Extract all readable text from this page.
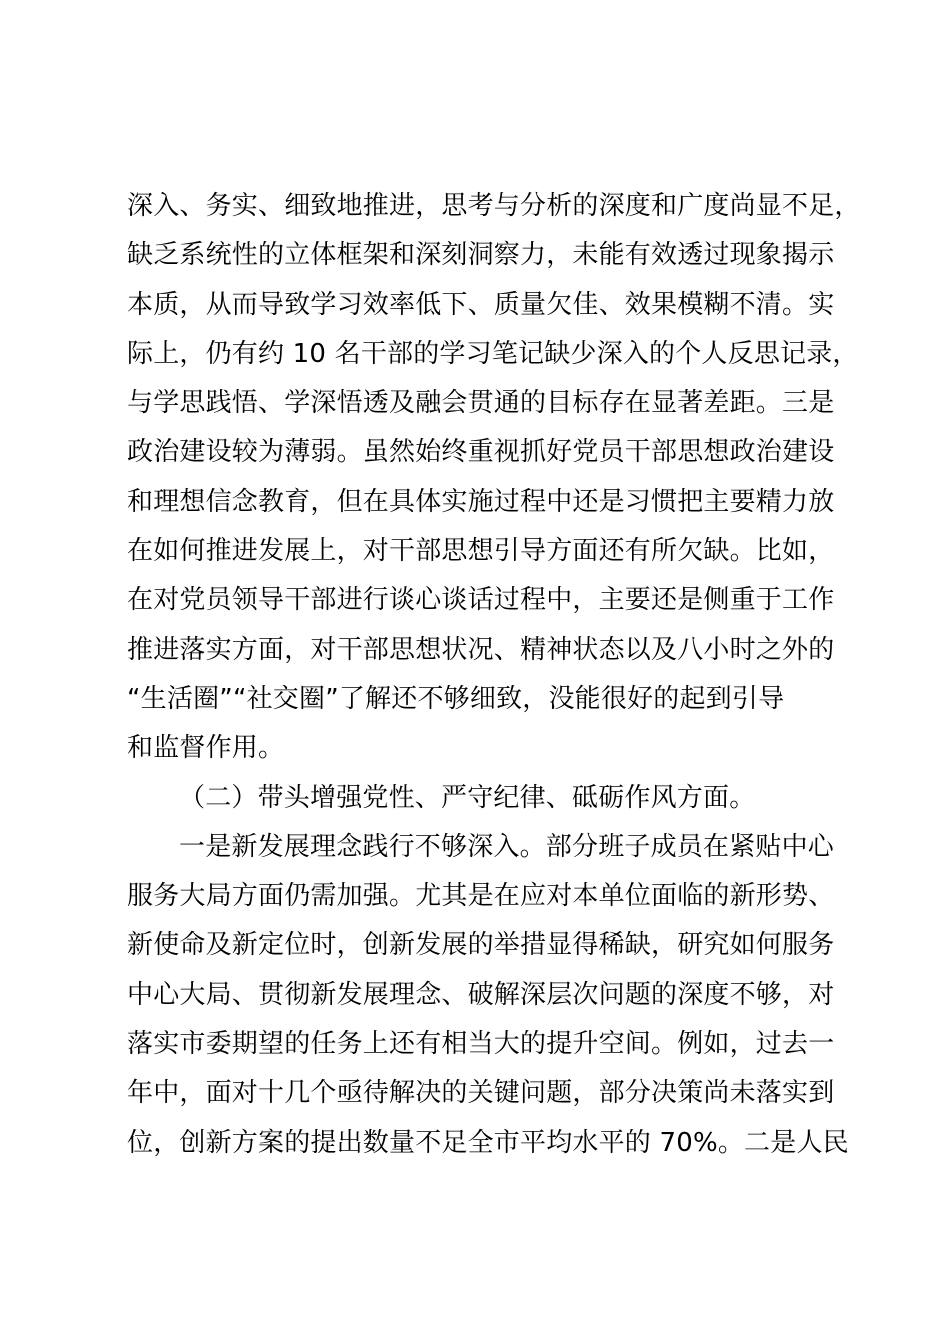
深入、务实、细致地推进，思考与分析的深度和广度尚显不足，
缺乏系统性的立体框架和深刻洞察力，未能有效透过现象揭示
本质，从而导致学习效率低下、质量欠佳、效果模糊不清。实
际上，仍有约 10 名干部的学习笔记缺少深入的个人反思记录，
与学思践悟、学深悟透及融会贯通的目标存在显著差距。三是
政治建设较为薄弱。虽然始终重视抓好党员干部思想政治建设
和理想信念教育，但在具体实施过程中还是习惯把主要精力放
在如何推进发展上，对干部思想引导方面还有所欠缺。比如，
在对党员领导干部进行谈心谈话过程中，主要还是侧重于工作
推进落实方面，对干部思想状况、精神状态以及八小时之外的
“生活圈”“社交圈”了解还不够细致，没能很好的起到引导
和监督作用。
（二）带头增强党性、严守纪律、砥砺作风方面。
一是新发展理念践行不够深入。部分班子成员在紧贴中心
服务大局方面仍需加强。尤其是在应对本单位面临的新形势、
新使命及新定位时，创新发展的举措显得稀缺，研究如何服务
中心大局、贯彻新发展理念、破解深层次问题的深度不够，对
落实市委期望的任务上还有相当大的提升空间。例如，过去一
年中，面对十几个亟待解决的关键问题，部分决策尚未落实到
位，创新方案的提出数量不足全市平均水平的 70%。二是人民
